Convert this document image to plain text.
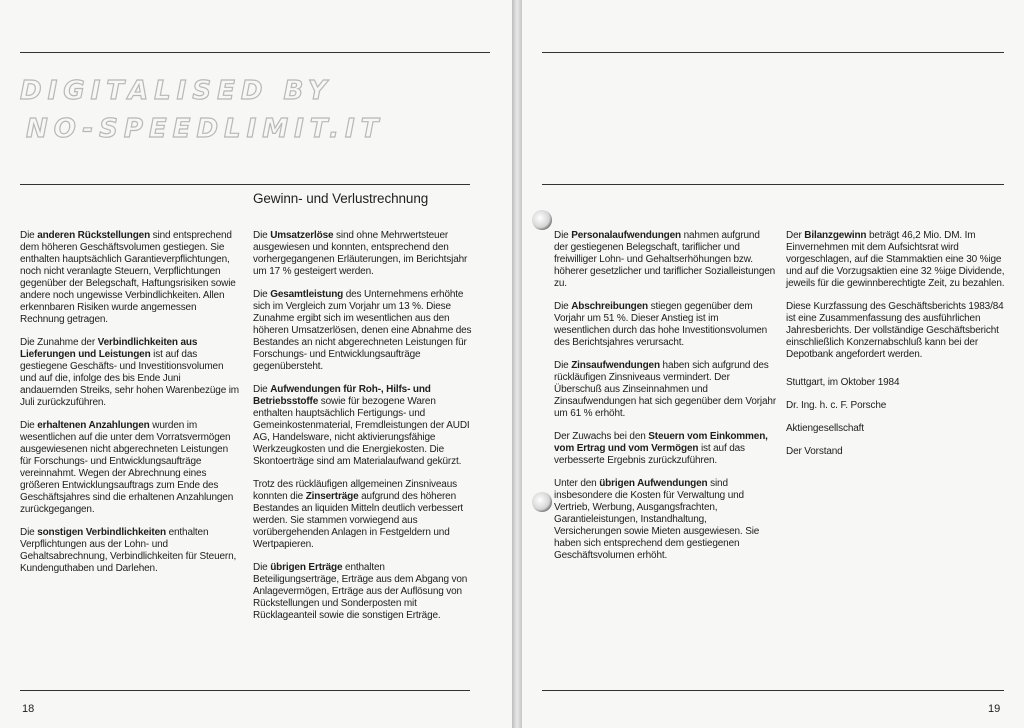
DIGITALISED BY
NO-SPEEDLIMIT.IT
Gewinn- und Verlustrechnung

Die anderen Rückstellungen sind entsprechend dem höheren Geschäftsvolumen gestiegen. Sie enthalten hauptsächlich Garantieverpflichtungen, noch nicht veranlagte Steuern, Verpflichtungen gegenüber der Belegschaft, Haftungsrisiken sowie andere noch ungewisse Verbindlichkeiten. Allen erkennbaren Risiken wurde angemessen Rechnung getragen.

Die Zunahme der Verbindlichkeiten aus Lieferungen und Leistungen ist auf das gestiegene Geschäfts- und Investitionsvolumen und auf die, infolge des bis Ende Juni andauernden Streiks, sehr hohen Warenbezüge im Juli zurückzuführen.

Die erhaltenen Anzahlungen wurden im wesentlichen auf die unter dem Vorratsvermögen ausgewiesenen nicht abgerechneten Leistungen für Forschungs- und Entwicklungsaufträge vereinnahmt. Wegen der Abrechnung eines größeren Entwicklungsauftrags zum Ende des Geschäftsjahres sind die erhaltenen Anzahlungen zurückgegangen.

Die sonstigen Verbindlichkeiten enthalten Verpflichtungen aus der Lohn- und Gehaltsabrechnung, Verbindlichkeiten für Steuern, Kundenguthaben und Darlehen.

Die Umsatzerlöse sind ohne Mehrwertsteuer ausgewiesen und konnten, entsprechend den vorhergegangenen Erläuterungen, im Berichtsjahr um 17 % gesteigert werden.

Die Gesamtleistung des Unternehmens erhöhte sich im Vergleich zum Vorjahr um 13 %. Diese Zunahme ergibt sich im wesentlichen aus den höheren Umsatzerlösen, denen eine Abnahme des Bestandes an nicht abgerechneten Leistungen für Forschungs- und Entwicklungsaufträge gegenübersteht.

Die Aufwendungen für Roh-, Hilfs- und Betriebsstoffe sowie für bezogene Waren enthalten hauptsächlich Fertigungs- und Gemeinkostenmaterial, Fremdleistungen der AUDI AG, Handelsware, nicht aktivierungsfähige Werkzeugkosten und die Energiekosten. Die Skontoerträge sind am Materialaufwand gekürzt.

Trotz des rückläufigen allgemeinen Zinsniveaus konnten die Zinserträge aufgrund des höheren Bestandes an liquiden Mitteln deutlich verbessert werden. Sie stammen vorwiegend aus vorübergehenden Anlagen in Festgeldern und Wertpapieren.

Die übrigen Erträge enthalten Beteiligungserträge, Erträge aus dem Abgang von Anlagevermögen, Erträge aus der Auflösung von Rückstellungen und Sonderposten mit Rücklageanteil sowie die sonstigen Erträge.

18

Die Personalaufwendungen nahmen aufgrund der gestiegenen Belegschaft, tariflicher und freiwilliger Lohn- und Gehaltserhöhungen bzw. höherer gesetzlicher und tariflicher Sozialleistungen zu.

Die Abschreibungen stiegen gegenüber dem Vorjahr um 51 %. Dieser Anstieg ist im wesentlichen durch das hohe Investitionsvolumen des Berichtsjahres verursacht.

Die Zinsaufwendungen haben sich aufgrund des rückläufigen Zinsniveaus vermindert. Der Überschuß aus Zinseinnahmen und Zinsaufwendungen hat sich gegenüber dem Vorjahr um 61 % erhöht.

Der Zuwachs bei den Steuern vom Einkommen, vom Ertrag und vom Vermögen ist auf das verbesserte Ergebnis zurückzuführen.

Unter den übrigen Aufwendungen sind insbesondere die Kosten für Verwaltung und Vertrieb, Werbung, Ausgangsfrachten, Garantieleistungen, Instandhaltung, Versicherungen sowie Mieten ausgewiesen. Sie haben sich entsprechend dem gestiegenen Geschäftsvolumen erhöht.

Der Bilanzgewinn beträgt 46,2 Mio. DM. Im Einvernehmen mit dem Aufsichtsrat wird vorgeschlagen, auf die Stammaktien eine 30 %ige und auf die Vorzugsaktien eine 32 %ige Dividende, jeweils für die gewinnberechtigte Zeit, zu bezahlen.

Diese Kurzfassung des Geschäftsberichts 1983/84 ist eine Zusammenfassung des ausführlichen Jahresberichts. Der vollständige Geschäftsbericht einschließlich Konzernabschluß kann bei der Depotbank angefordert werden.

Stuttgart, im Oktober 1984

Dr. Ing. h. c. F. Porsche

Aktiengesellschaft

Der Vorstand

19
